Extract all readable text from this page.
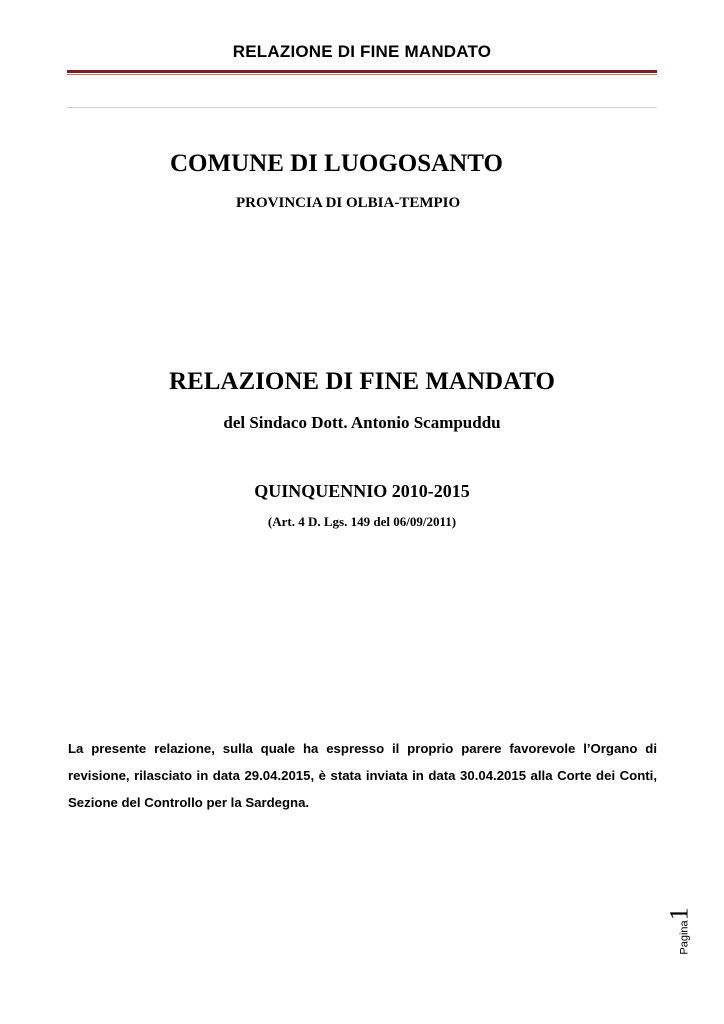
RELAZIONE DI FINE MANDATO
COMUNE DI LUOGOSANTO
PROVINCIA DI OLBIA-TEMPIO
RELAZIONE DI FINE MANDATO
del Sindaco Dott. Antonio Scampuddu
QUINQUENNIO 2010-2015
(Art. 4 D. Lgs. 149 del 06/09/2011)
La presente relazione, sulla quale ha espresso il proprio parere favorevole l’Organo di revisione, rilasciato in data 29.04.2015, è stata inviata in data 30.04.2015 alla Corte dei Conti, Sezione del Controllo per la Sardegna.
Pagina1
